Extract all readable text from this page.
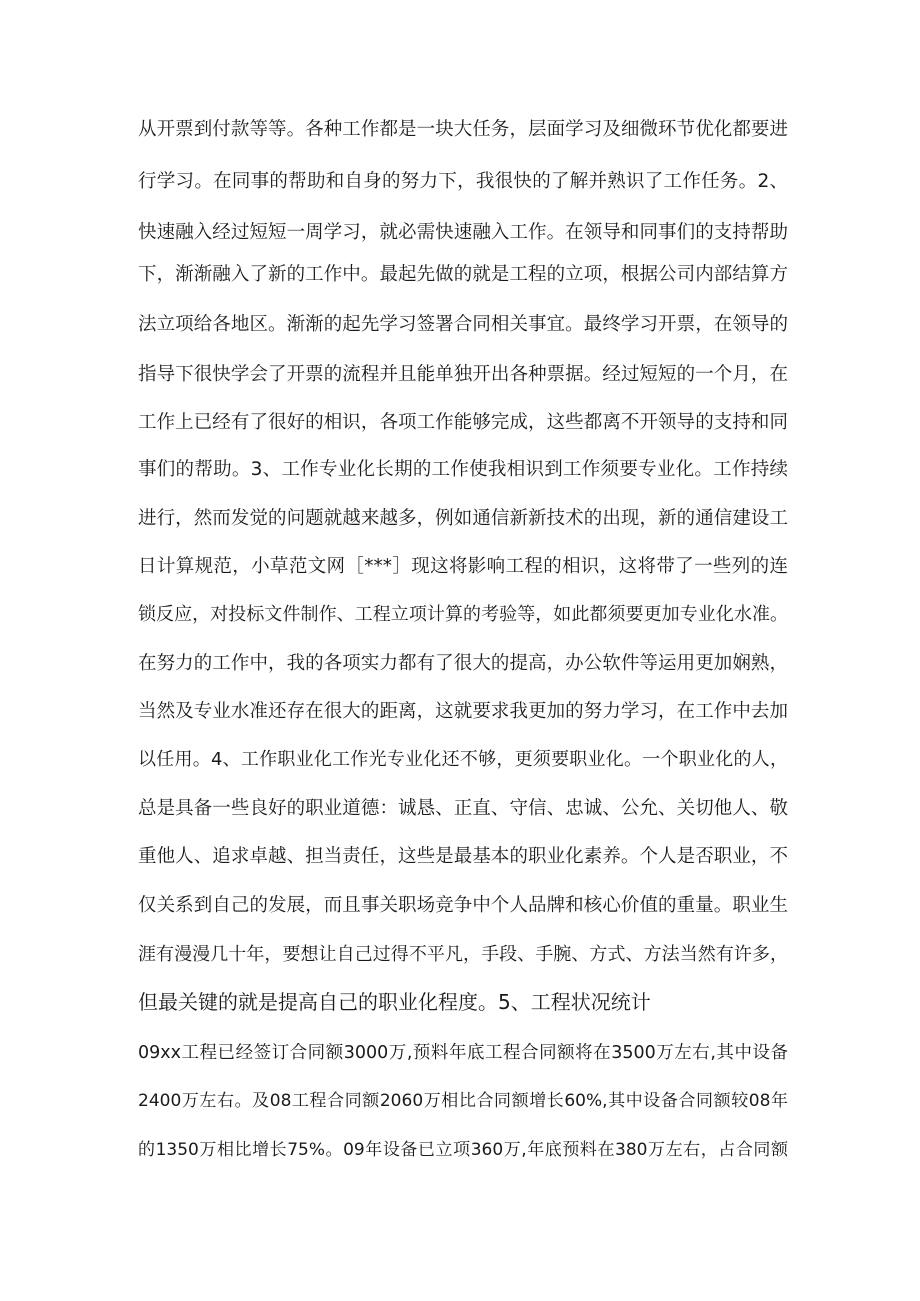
从开票到付款等等。各种工作都是一块大任务，层面学习及细微环节优化都要进

行学习。在同事的帮助和自身的努力下，我很快的了解并熟识了工作任务。2、

快速融入经过短短一周学习，就必需快速融入工作。在领导和同事们的支持帮助

下，渐渐融入了新的工作中。最起先做的就是工程的立项，根据公司内部结算方

法立项给各地区。渐渐的起先学习签署合同相关事宜。最终学习开票，在领导的

指导下很快学会了开票的流程并且能单独开出各种票据。经过短短的一个月，在

工作上已经有了很好的相识，各项工作能够完成，这些都离不开领导的支持和同

事们的帮助。3、工作专业化长期的工作使我相识到工作须要专业化。工作持续

进行，然而发觉的问题就越来越多，例如通信新新技术的出现，新的通信建设工

日计算规范，小草范文网［***］现这将影响工程的相识，这将带了一些列的连

锁反应，对投标文件制作、工程立项计算的考验等，如此都须要更加专业化水准。

在努力的工作中，我的各项实力都有了很大的提高，办公软件等运用更加娴熟，

当然及专业水准还存在很大的距离，这就要求我更加的努力学习，在工作中去加

以任用。4、工作职业化工作光专业化还不够，更须要职业化。一个职业化的人，

总是具备一些良好的职业道德：诚恳、正直、守信、忠诚、公允、关切他人、敬

重他人、追求卓越、担当责任，这些是最基本的职业化素养。个人是否职业，不

仅关系到自己的发展，而且事关职场竞争中个人品牌和核心价值的重量。职业生

涯有漫漫几十年，要想让自己过得不平凡，手段、手腕、方式、方法当然有许多，

但最关键的就是提高自己的职业化程度。5、工程状况统计

09xx工程已经签订合同额3000万,预料年底工程合同额将在3500万左右,其中设备

2400万左右。及08工程合同额2060万相比合同额增长60%,其中设备合同额较08年

的1350万相比增长75%。09年设备已立项360万,年底预料在380万左右，占合同额
